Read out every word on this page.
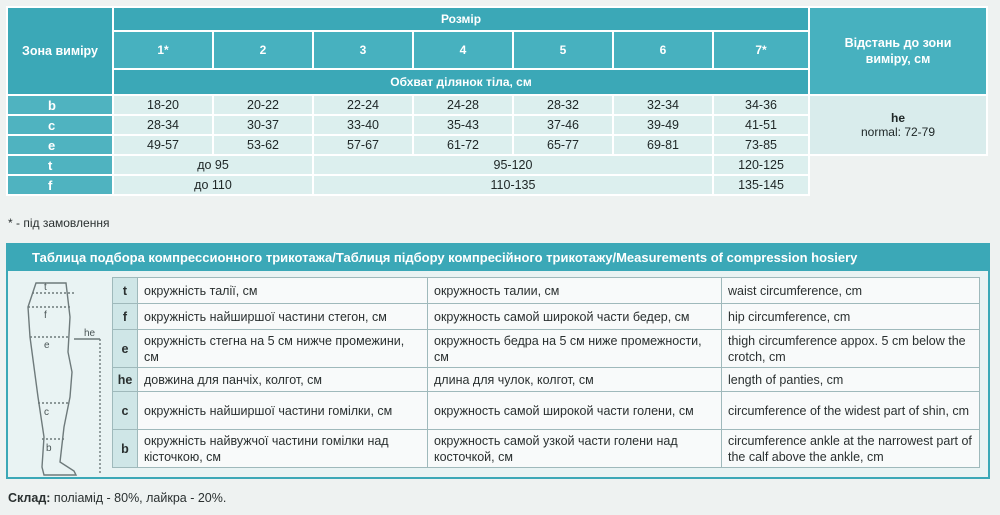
Зона виміру	Розмір							Відстань до зони виміру, см
	1*	2	3	4	5	6	7*	
	Обхват ділянок тіла, см							
b	18-20	20-22	22-24	24-28	28-32	32-34	34-36	he
normal: 72-79

c	28-34	30-37	33-40	35-43	37-46	39-49	41-51	
e	49-57	53-62	57-67	61-72	65-77	69-81	73-85	
t	до 95		95-120				120-125	
f	до 110		110-135				135-145	
* - під замовлення
Таблица подбора компрессионного трикотажа/Таблиця підбору компресійного трикотажу/Measurements of compression hosiery
t
f
e
he
c
b
t	окружність талії, см	окружность талии, см	waist circumference, cm
f	окружність найширшої частини стегон, см	окружность самой широкой части бедер, см	hip circumference, cm
e	окружність стегна на 5 см нижче промежини, см	окружность бедра на 5 см ниже промежности, см	thigh circumference appox. 5 cm below the crotch, cm
he	довжина для панчіх, колгот, см	длина для чулок, колгот, см	length of panties, cm
c	окружність найширшої частини гомілки, см	окружность самой широкой части голени, см	circumference of the widest part of shin, cm
b	окружність найвужчої частини гомілки над кісточкою, см	окружность самой узкой части голени над косточкой, см	circumference ankle at the narrowest part of the calf above the ankle, cm
Склад: поліамід - 80%, лайкра - 20%.
